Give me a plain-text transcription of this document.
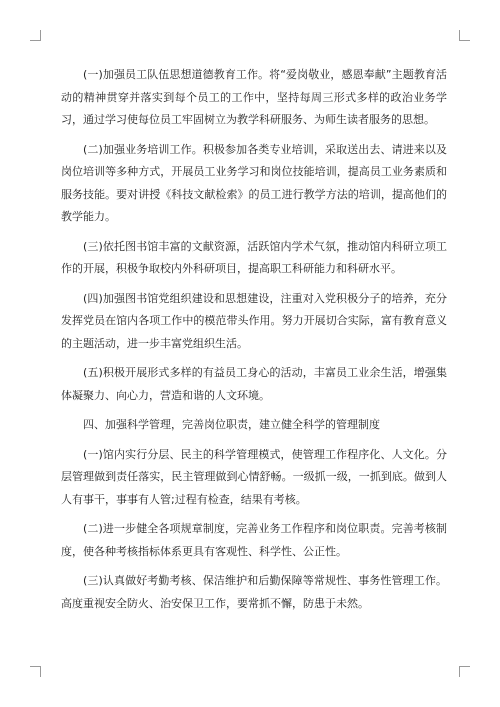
(一)加强员工队伍思想道德教育工作。将“爱岗敬业，感恩奉献”主题教育活动的精神贯穿并落实到每个员工的工作中，坚持每周三形式多样的政治业务学习，通过学习使每位员工牢固树立为教学科研服务、为师生读者服务的思想。

(二)加强业务培训工作。积极参加各类专业培训，采取送出去、请进来以及岗位培训等多种方式，开展员工业务学习和岗位技能培训，提高员工业务素质和服务技能。要对讲授《科技文献检索》的员工进行教学方法的培训，提高他们的教学能力。

(三)依托图书馆丰富的文献资源，活跃馆内学术气氛，推动馆内科研立项工作的开展，积极争取校内外科研项目，提高职工科研能力和科研水平。

(四)加强图书馆党组织建设和思想建设，注重对入党积极分子的培养，充分发挥党员在馆内各项工作中的模范带头作用。努力开展切合实际，富有教育意义的主题活动，进一步丰富党组织生活。

(五)积极开展形式多样的有益员工身心的活动，丰富员工业余生活，增强集体凝聚力、向心力，营造和谐的人文环境。

四、加强科学管理，完善岗位职责，建立健全科学的管理制度

(一)馆内实行分层、民主的科学管理模式，使管理工作程序化、人文化。分层管理做到责任落实，民主管理做到心情舒畅。一级抓一级，一抓到底。做到人人有事干，事事有人管;过程有检查，结果有考核。

(二)进一步健全各项规章制度，完善业务工作程序和岗位职责。完善考核制度，使各种考核指标体系更具有客观性、科学性、公正性。

(三)认真做好考勤考核、保洁维护和后勤保障等常规性、事务性管理工作。高度重视安全防火、治安保卫工作，要常抓不懈，防患于未然。
